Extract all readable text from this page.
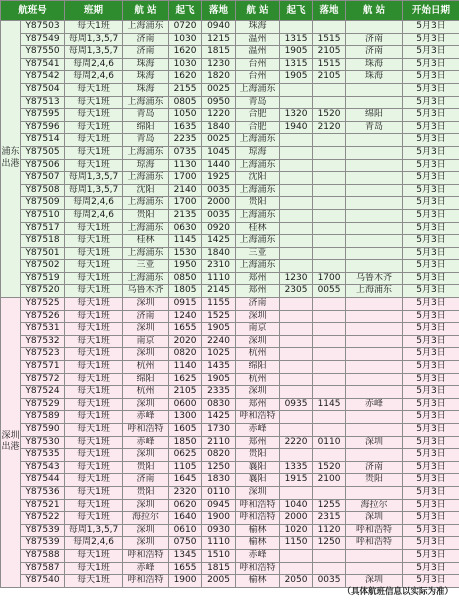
航班号		班期	航 站	起飞	落地	航 站	起飞	落地	航 站	开始日期

浦东
出港	Y87503	每天1班	上海浦东	0720	0940	珠海				5月3日
	Y87549	每周1,3,5,7	济南	1030	1215	温州	1315	1515	济南	5月3日
	Y87550	每周1,3,5,7	济南	1620	1815	温州	1905	2105	济南	5月3日
	Y87541	每周2,4,6	珠海	1030	1230	台州	1315	1515	珠海	5月3日
	Y87542	每周2,4,6	珠海	1620	1820	台州	1905	2105	珠海	5月3日
	Y87504	每天1班	珠海	2155	0025	上海浦东				5月3日
	Y87513	每天1班	上海浦东	0805	0950	青岛				5月3日
	Y87595	每天1班	青岛	1050	1220	合肥	1320	1520	绵阳	5月3日
	Y87596	每天1班	绵阳	1635	1840	合肥	1940	2120	青岛	5月3日
	Y87514	每天1班	青岛	2235	0025	上海浦东				5月3日
	Y87505	每天1班	上海浦东	0735	1045	琼海				5月3日
	Y87506	每天1班	琼海	1130	1440	上海浦东				5月3日
	Y87507	每周1,3,5,7	上海浦东	1700	1925	沈阳				5月3日
	Y87508	每周1,3,5,7	沈阳	2140	0035	上海浦东				5月3日
	Y87509	每周2,4,6	上海浦东	1700	2000	贵阳				5月3日
	Y87510	每周2,4,6	贵阳	2135	0035	上海浦东				5月3日
	Y87517	每天1班	上海浦东	0630	0920	桂林				5月3日
	Y87518	每天1班	桂林	1145	1425	上海浦东				5月3日
	Y87501	每天1班	上海浦东	1530	1840	三亚				5月3日
	Y87502	每天1班	三亚	1950	2310	上海浦东				5月3日
	Y87519	每天1班	上海浦东	0850	1110	郑州	1230	1700	乌鲁木齐	5月3日
	Y87520	每天1班	乌鲁木齐	1805	2145	郑州	2305	0055	上海浦东	5月3日

深圳
出港	Y87525	每天1班	深圳	0915	1155	济南				5月3日
	Y87526	每天1班	济南	1240	1525	深圳				5月3日
	Y87531	每天1班	深圳	1655	1905	南京				5月3日
	Y87532	每天1班	南京	2020	2240	深圳				5月3日
	Y87523	每天1班	深圳	0820	1025	杭州				5月3日
	Y87571	每天1班	杭州	1140	1435	绵阳				5月3日
	Y87572	每天1班	绵阳	1625	1905	杭州				5月3日
	Y87524	每天1班	杭州	2105	2335	深圳				5月3日
	Y87529	每天1班	深圳	0600	0830	郑州	0935	1145	赤峰	5月3日
	Y87589	每天1班	赤峰	1300	1425	呼和浩特				5月3日
	Y87590	每天1班	呼和浩特	1605	1730	赤峰				5月3日
	Y87530	每天1班	赤峰	1850	2110	郑州	2220	0110	深圳	5月3日
	Y87535	每天1班	深圳	0625	0820	贵阳				5月3日
	Y87543	每天1班	贵阳	1105	1250	襄阳	1335	1520	济南	5月3日
	Y87544	每天1班	济南	1645	1830	襄阳	1915	2100	贵阳	5月3日
	Y87536	每天1班	贵阳	2320	0110	深圳				5月3日
	Y87521	每天1班	深圳	0620	0945	呼和浩特	1040	1255	海拉尔	5月3日
	Y87522	每天1班	海拉尔	1640	1900	呼和浩特	2000	2315	深圳	5月3日
	Y87539	每周1,3,5,7	深圳	0610	0930	榆林	1020	1120	呼和浩特	5月3日
	Y87539	每周2,4,6	深圳	0750	1110	榆林	1150	1250	呼和浩特	5月3日
	Y87588	每天1班	呼和浩特	1345	1510	赤峰				5月3日
	Y87587	每天1班	赤峰	1655	1815	呼和浩特				5月3日
	Y87540	每天1班	呼和浩特	1900	2005	榆林	2050	0035	深圳	5月3日
（具体航班信息以实际为准）
